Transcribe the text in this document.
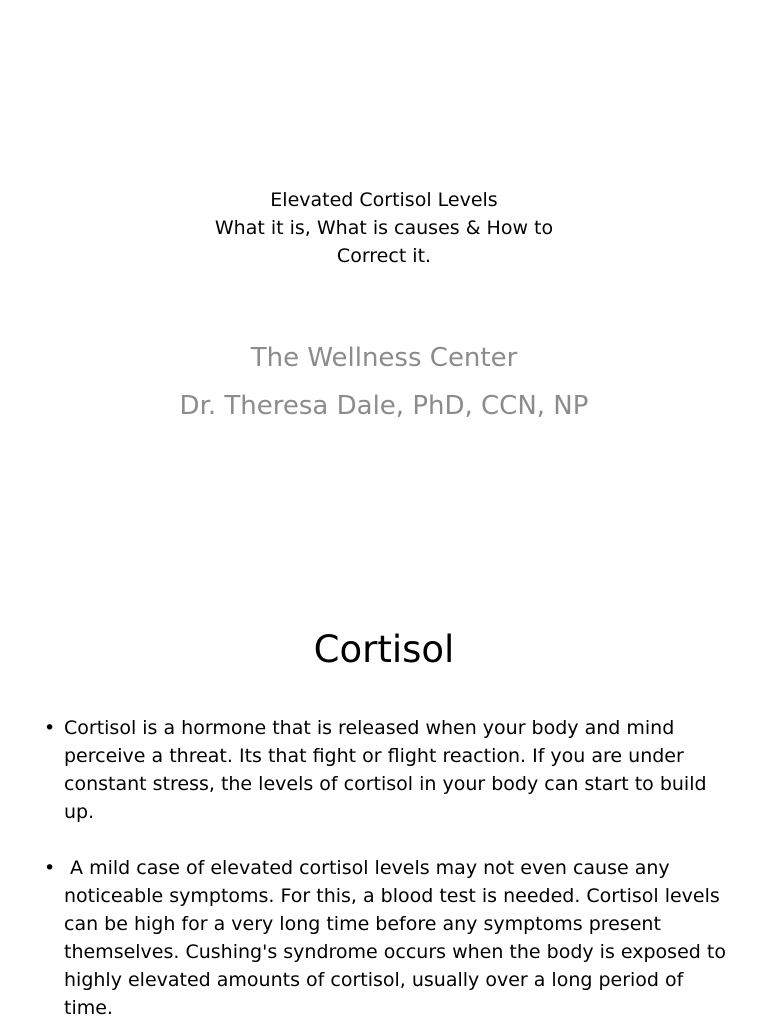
Elevated Cortisol Levels
What it is, What is causes & How to
Correct it.
The Wellness Center
Dr. Theresa Dale, PhD, CCN, NP
Cortisol
• Cortisol is a hormone that is released when your body and mind perceive a threat. Its that fight or flight reaction. If you are under constant stress, the levels of cortisol in your body can start to build up.
• A mild case of elevated cortisol levels may not even cause any noticeable symptoms. For this, a blood test is needed. Cortisol levels can be high for a very long time before any symptoms present themselves. Cushing's syndrome occurs when the body is exposed to highly elevated amounts of cortisol, usually over a long period of time.
